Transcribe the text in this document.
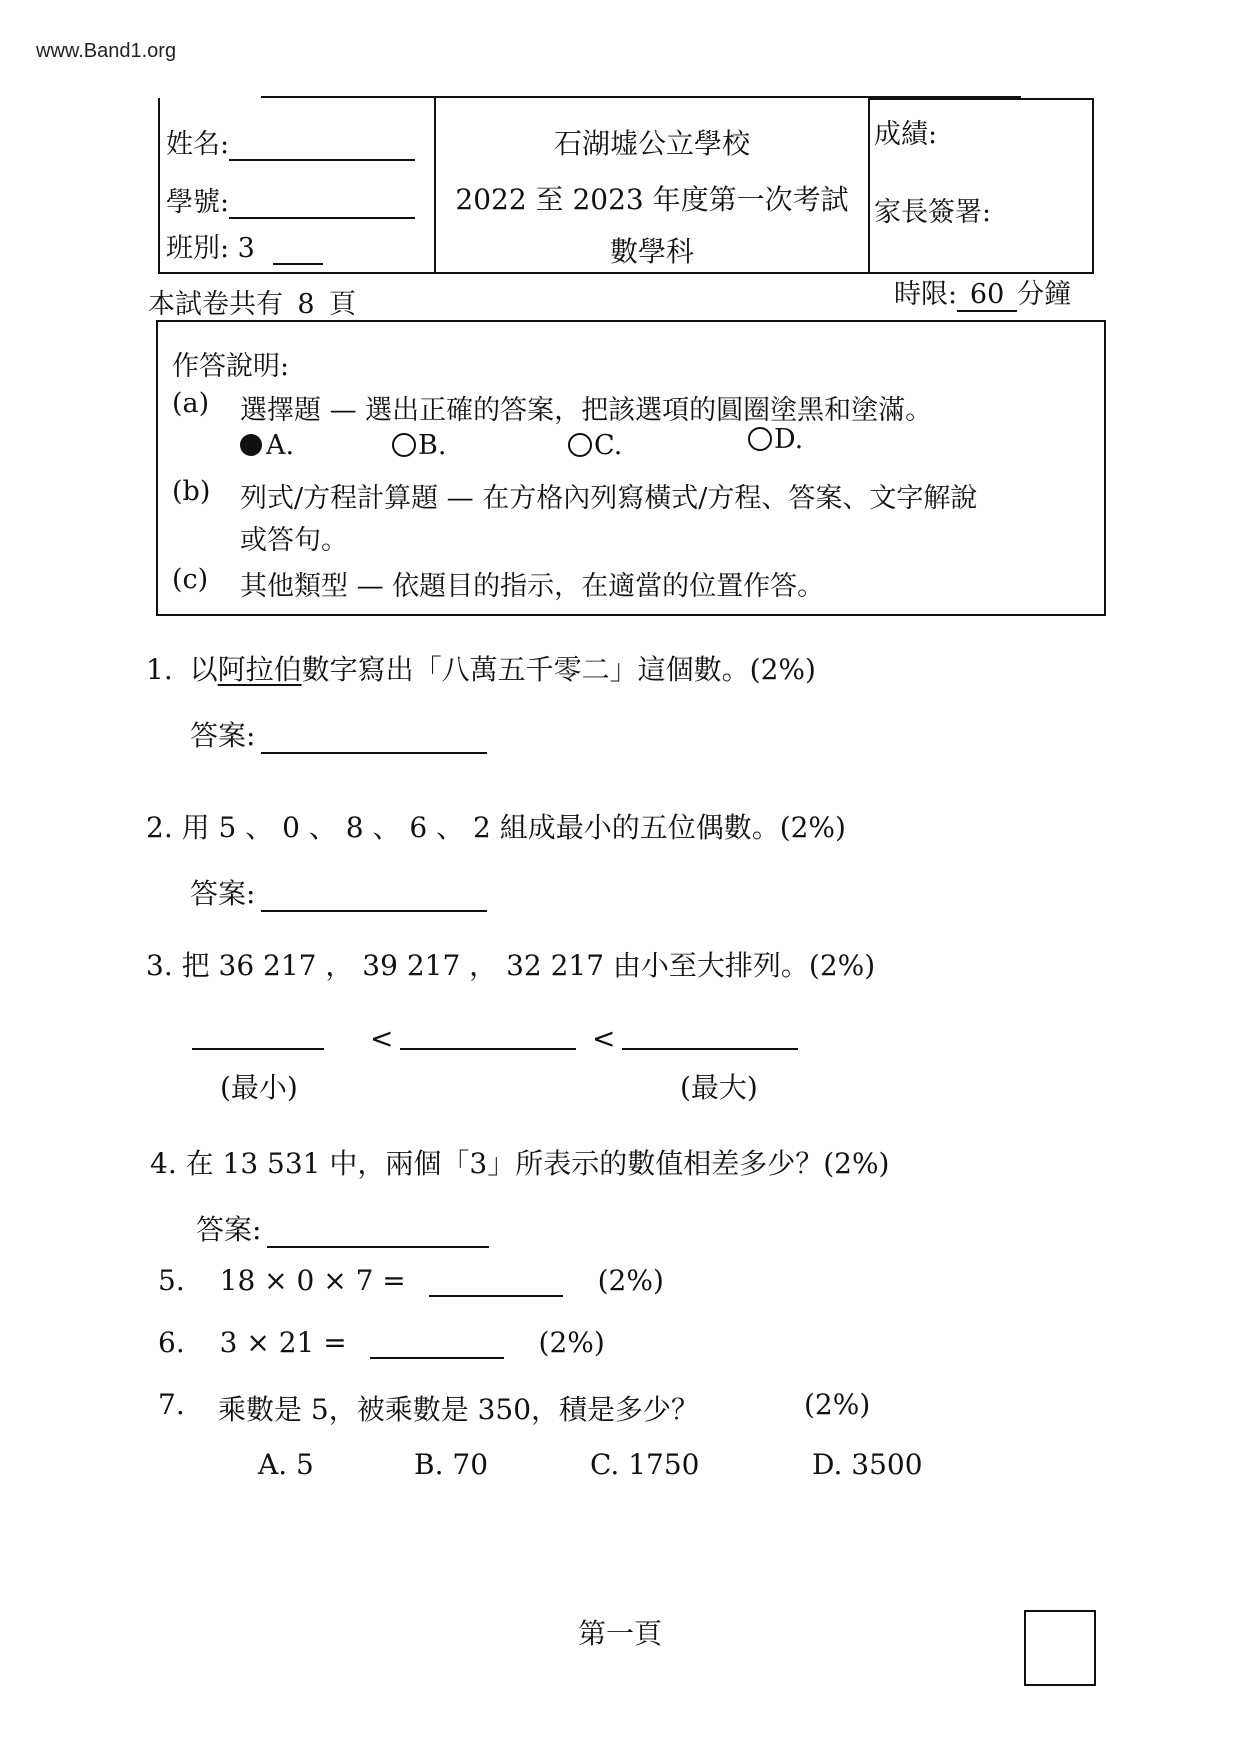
www.Band1.org
姓名:
學號:
班別: 3
石湖墟公立學校
2022 至 2023 年度第一次考試
數學科
成績:
家長簽署:
本試卷共有 8 頁	時限: 60 分鐘
作答說明:
(a) 選擇題 — 選出正確的答案，把該選項的圓圈塗黑和塗滿。
A.	B.	C.	D.
(b) 列式/方程計算題 — 在方格內列寫橫式/方程、答案、文字解說
或答句。
(c) 其他類型 — 依題目的指示，在適當的位置作答。
1. 以阿拉伯數字寫出「八萬五千零二」這個數。(2%)
答案:
2. 用 5 、 0 、 8 、 6 、 2 組成最小的五位偶數。(2%)
答案:
3. 把 36 217 ， 39 217 ， 32 217 由小至大排列。(2%)
<	<
(最小)	(最大)
4. 在 13 531 中，兩個「3」所表示的數值相差多少？(2%)
答案:
5. 18 × 0 × 7 =	(2%)
6. 3 × 21 =	(2%)
7. 乘數是 5，被乘數是 350，積是多少？	(2%)
A. 5	B. 70	C. 1750	D. 3500
第一頁
